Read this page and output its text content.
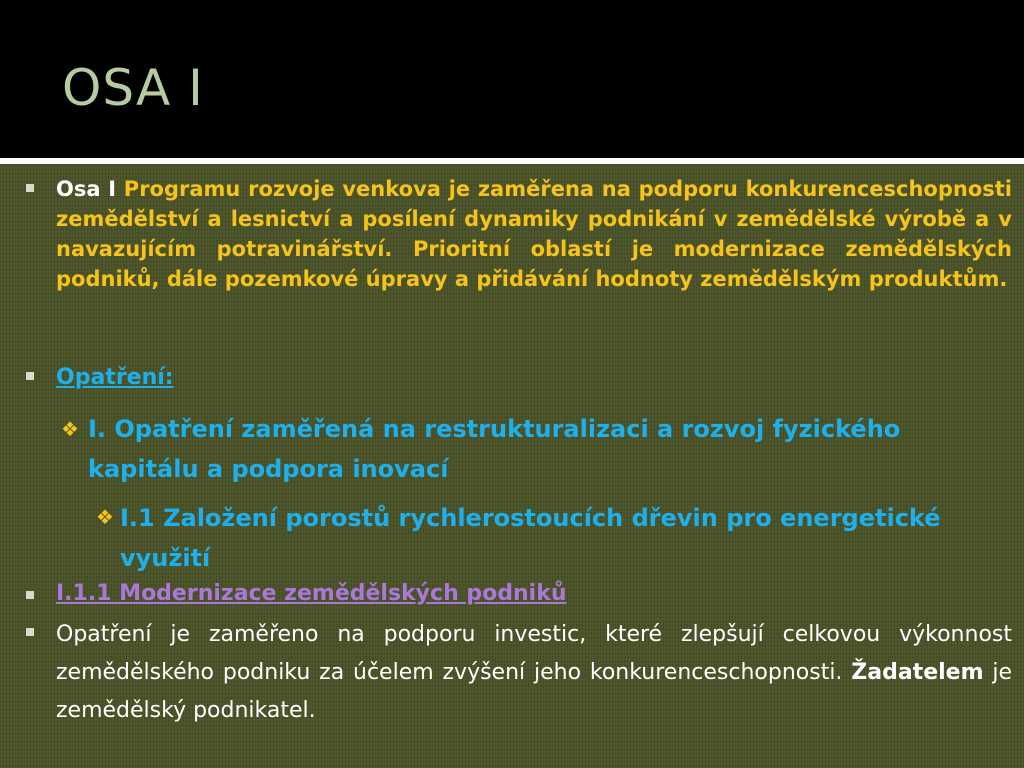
OSA I
Osa I Programu rozvoje venkova je zaměřena na podporu konkurenceschopnosti zemědělství a lesnictví a posílení dynamiky podnikání v zemědělské výrobě a v navazujícím potravinářství. Prioritní oblastí je modernizace zemědělských podniků, dále pozemkové úpravy a přidávání hodnoty zemědělským produktům.
Opatření:
❖ I. Opatření zaměřená na restrukturalizaci a rozvoj fyzického kapitálu a podpora inovací
❖ I.1 Založení porostů rychlerostoucích dřevin pro energetické využití
I.1.1 Modernizace zemědělských podniků
Opatření je zaměřeno na podporu investic, které zlepšují celkovou výkonnost zemědělského podniku za účelem zvýšení jeho konkurenceschopnosti. Žadatelem je zemědělský podnikatel.
